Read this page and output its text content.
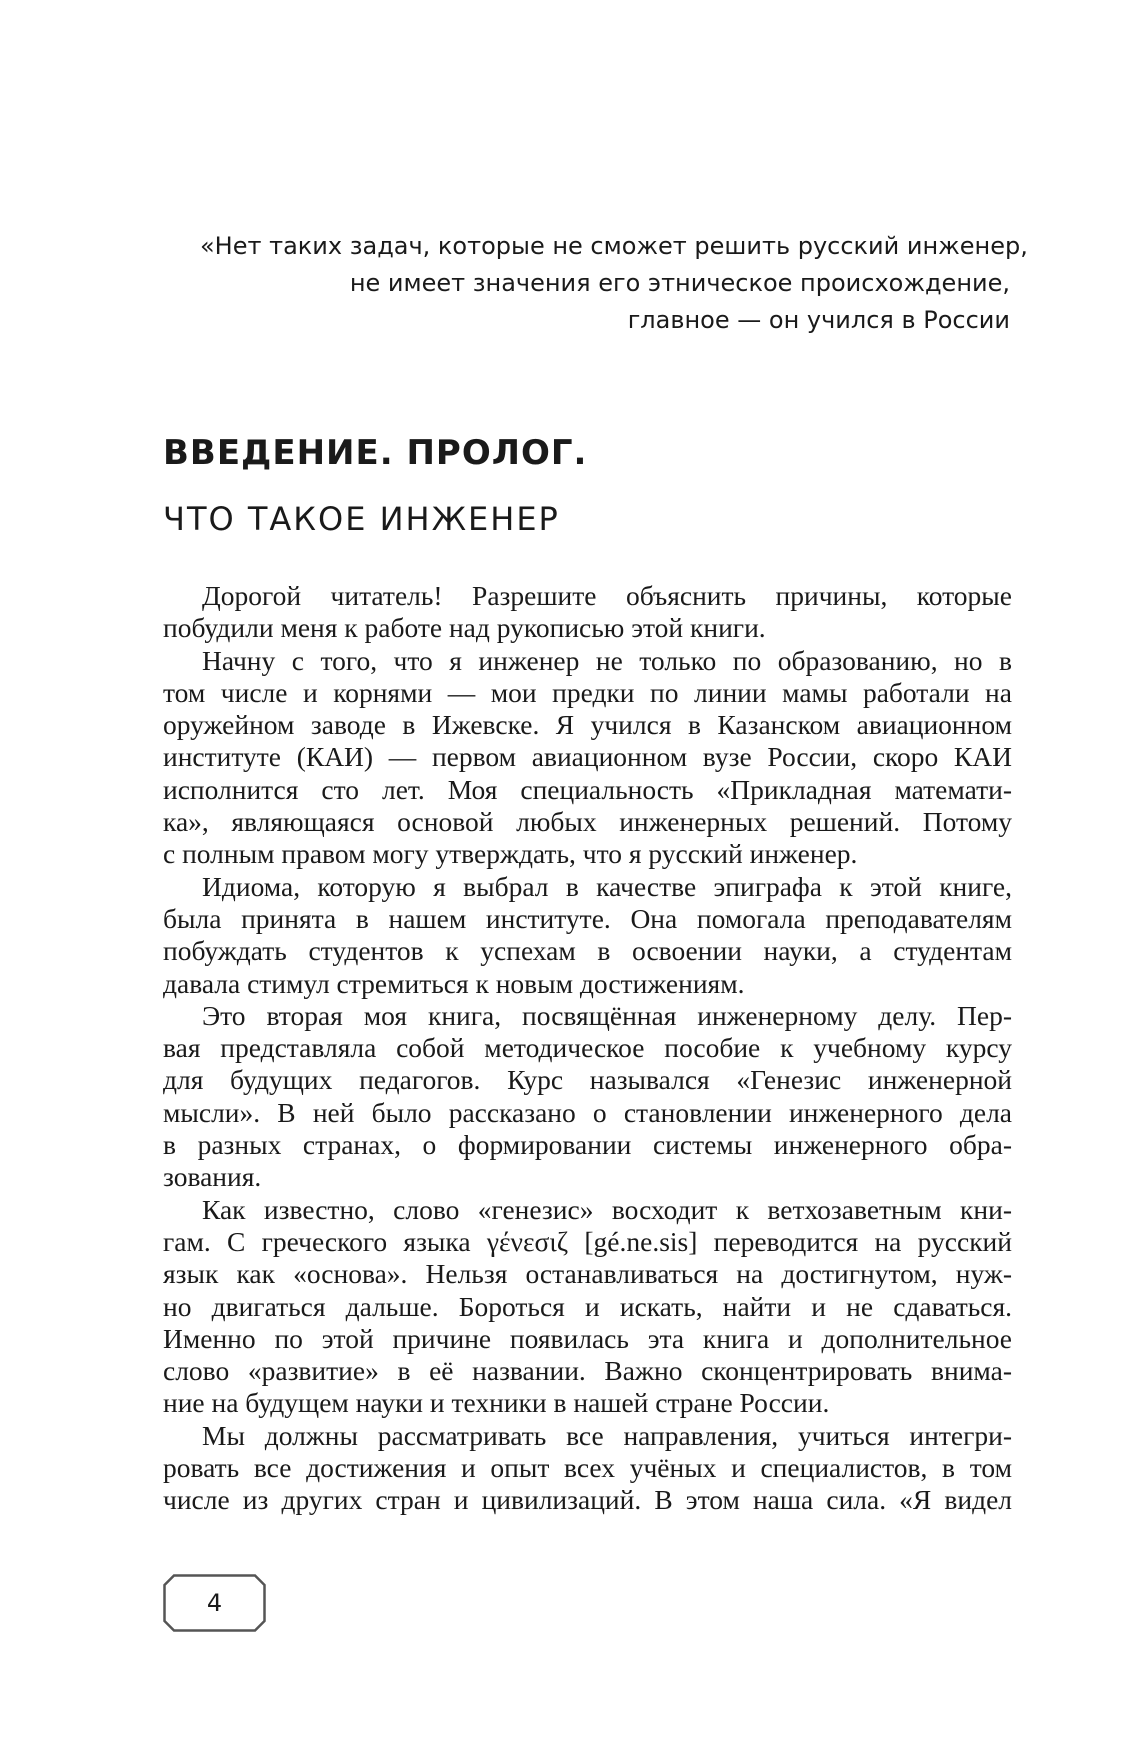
«Нет таких задач, которые не сможет решить русский инженер,
не имеет значения его этническое происхождение,
главное — он учился в России
ВВЕДЕНИЕ. ПРОЛОГ.
ЧТО ТАКОЕ ИНЖЕНЕР
Дорогой читатель! Разрешите объяснить причины, которые
побудили меня к работе над рукописью этой книги.
Начну с того, что я инженер не только по образованию, но в
том числе и корнями — мои предки по линии мамы работали на
оружейном заводе в Ижевске. Я учился в Казанском авиационном
институте (КАИ) — первом авиационном вузе России, скоро КАИ
исполнится сто лет. Моя специальность «Прикладная математи-
ка», являющаяся основой любых инженерных решений. Потому
с полным правом могу утверждать, что я русский инженер.
Идиома, которую я выбрал в качестве эпиграфа к этой книге,
была принята в нашем институте. Она помогала преподавателям
побуждать студентов к успехам в освоении науки, а студентам
давала стимул стремиться к новым достижениям.
Это вторая моя книга, посвящённая инженерному делу. Пер-
вая представляла собой методическое пособие к учебному курсу
для будущих педагогов. Курс назывался «Генезис инженерной
мысли». В ней было рассказано о становлении инженерного дела
в разных странах, о формировании системы инженерного обра-
зования.
Как известно, слово «генезис» восходит к ветхозаветным кни-
гам. С греческого языка γένεσιζ [gé.ne.sis] переводится на русский
язык как «основа». Нельзя останавливаться на достигнутом, нуж-
но двигаться дальше. Бороться и искать, найти и не сдаваться.
Именно по этой причине появилась эта книга и дополнительное
слово «развитие» в её названии. Важно сконцентрировать внима-
ние на будущем науки и техники в нашей стране России.
Мы должны рассматривать все направления, учиться интегри-
ровать все достижения и опыт всех учёных и специалистов, в том
числе из других стран и цивилизаций. В этом наша сила. «Я видел
4
